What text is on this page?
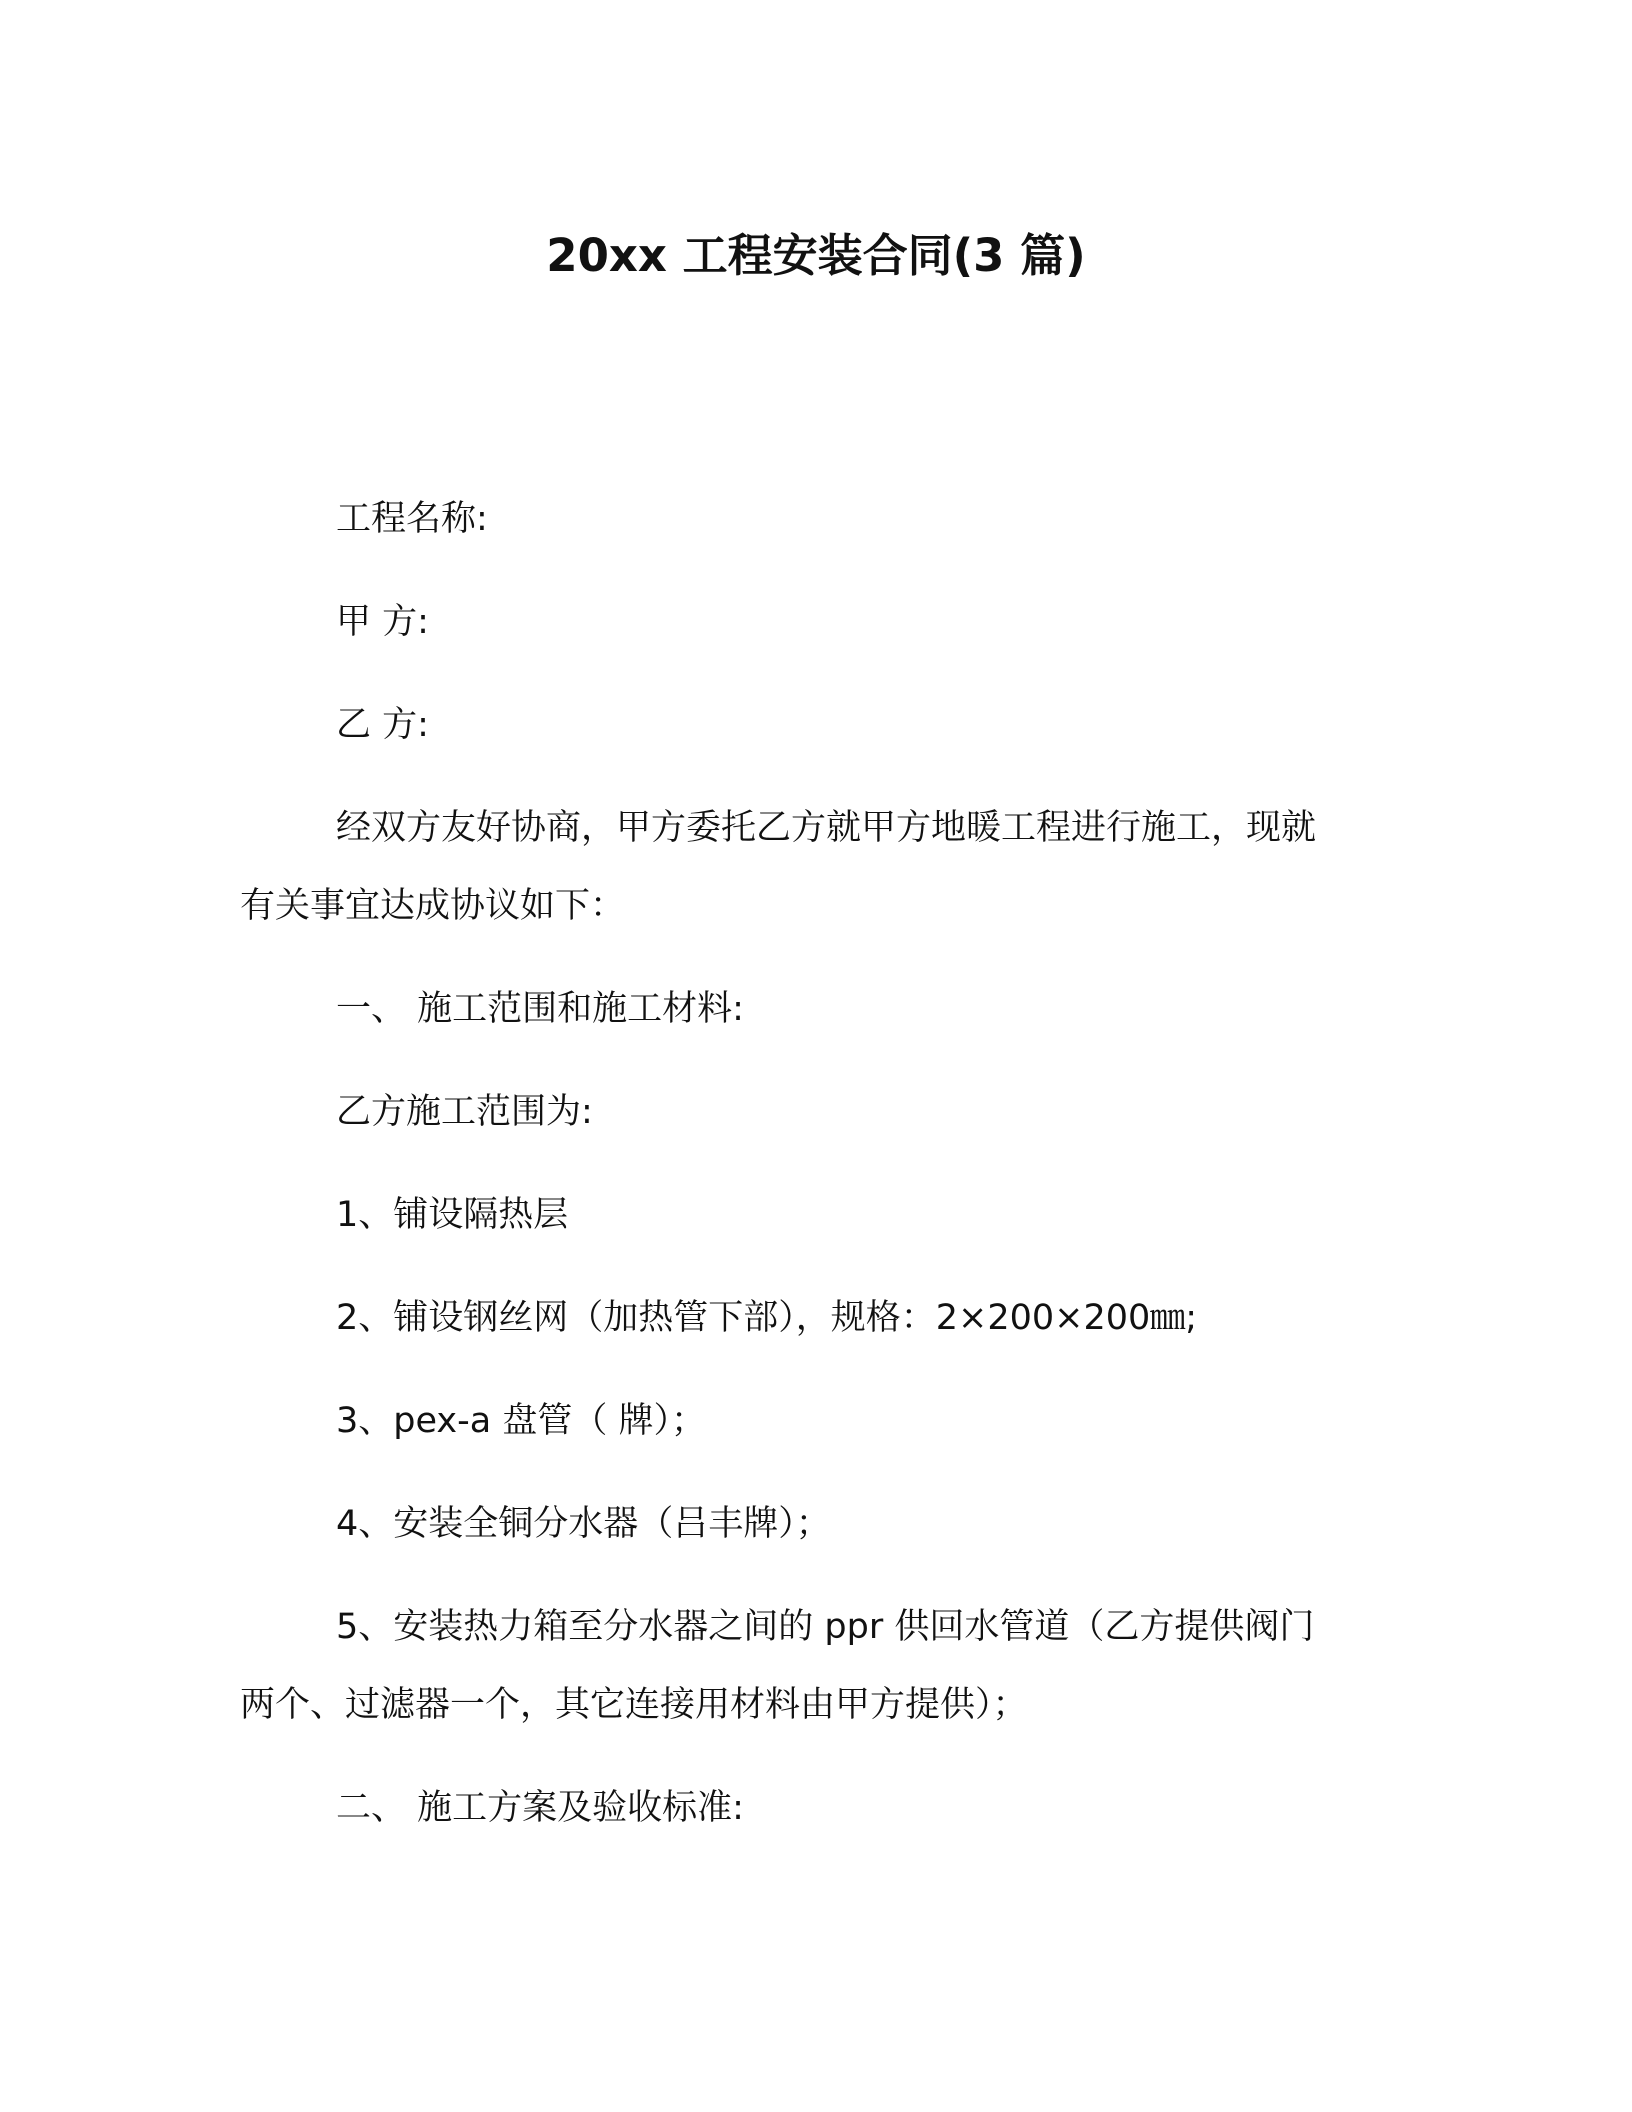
20xx 工程安装合同(3 篇)
工程名称:
甲 方:
乙 方:
经双方友好协商，甲方委托乙方就甲方地暖工程进行施工，现就
有关事宜达成协议如下：
一、 施工范围和施工材料:
乙方施工范围为:
1、铺设隔热层
2、铺设钢丝网（加热管下部），规格：2×200×200㎜;
3、pex-a 盘管（ 牌）；
4、安装全铜分水器（吕丰牌）；
5、安装热力箱至分水器之间的 ppr 供回水管道（乙方提供阀门
两个、过滤器一个，其它连接用材料由甲方提供）；
二、 施工方案及验收标准:
